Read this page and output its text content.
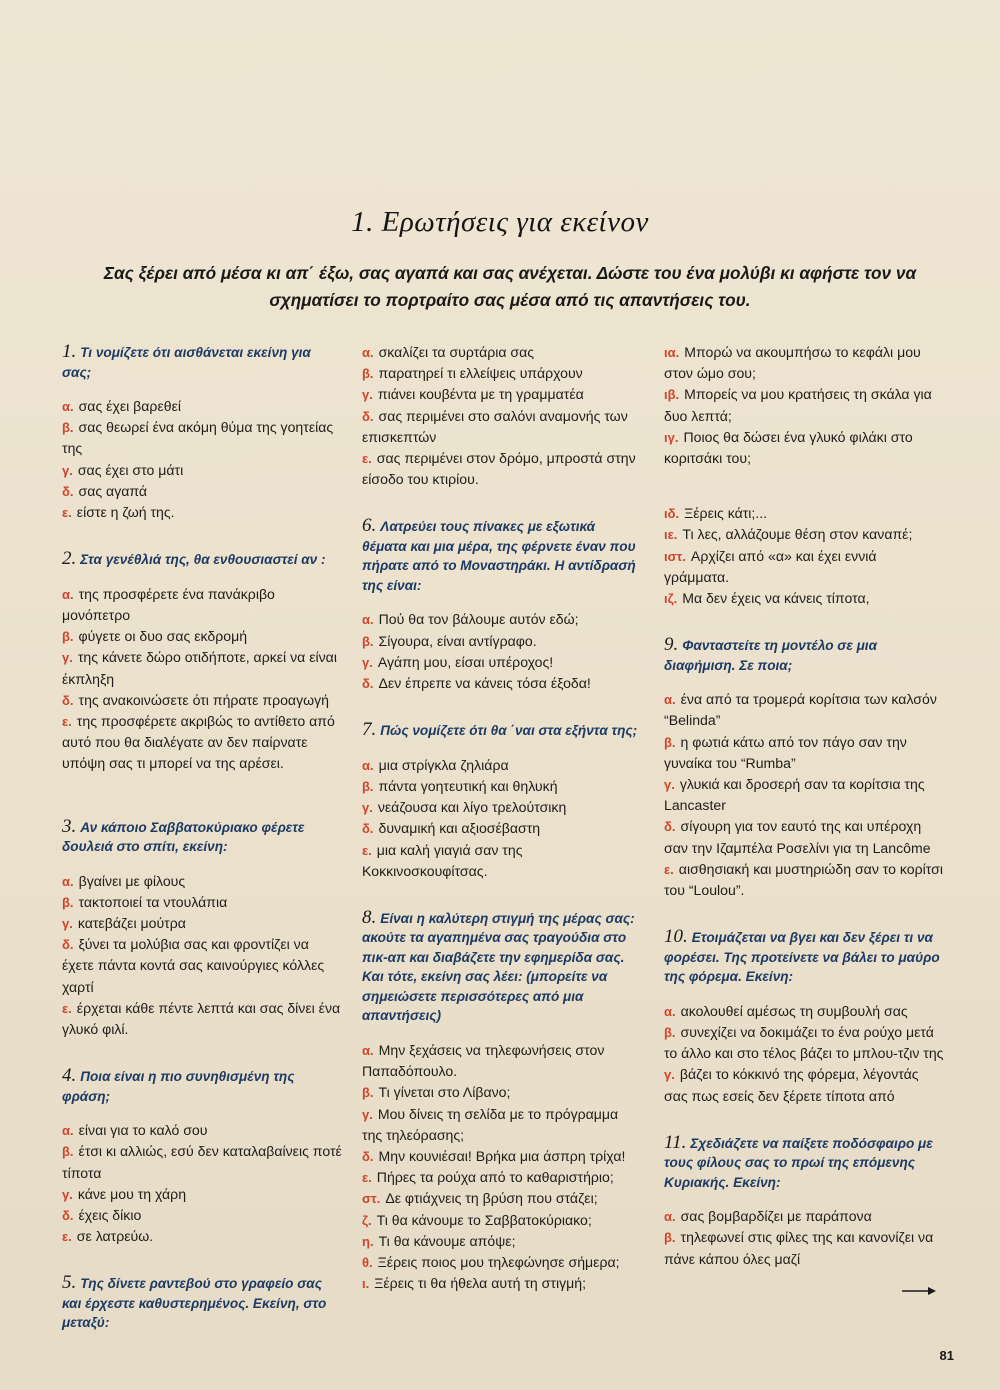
1. Ερωτήσεις για εκείνον
Σας ξέρει από μέσα κι απ΄ έξω, σας αγαπά και σας ανέχεται. Δώστε του ένα μολύβι κι αφήστε τον να σχηματίσει το πορτραίτο σας μέσα από τις απαντήσεις του.

1. Τι νομίζετε ότι αισθάνεται εκείνη για σας;

α. σας έχει βαρεθεί

β. σας θεωρεί ένα ακόμη θύμα της γοητείας της

γ. σας έχει στο μάτι

δ. σας αγαπά

ε. είστε η ζωή της.

2. Στα γενέθλιά της, θα ενθουσιαστεί αν :

α. της προσφέρετε ένα πανάκριβο μονόπετρο

β. φύγετε οι δυο σας εκδρομή

γ. της κάνετε δώρο οτιδήποτε, αρκεί να είναι έκπληξη

δ. της ανακοινώσετε ότι πήρατε προαγωγή

ε. της προσφέρετε ακριβώς το αντίθετο από αυτό που θα διαλέγατε αν δεν παίρνατε υπόψη σας τι μπορεί να της αρέσει.

3. Αν κάποιο Σαββατοκύριακο φέρετε δουλειά στο σπίτι, εκείνη:

α. βγαίνει με φίλους

β. τακτοποιεί τα ντουλάπια

γ. κατεβάζει μούτρα

δ. ξύνει τα μολύβια σας και φροντίζει να έχετε πάντα κοντά σας καινούργιες κόλλες χαρτί

ε. έρχεται κάθε πέντε λεπτά και σας δίνει ένα γλυκό φιλί.

4. Ποια είναι η πιο συνηθισμένη της φράση;

α. είναι για το καλό σου

β. έτσι κι αλλιώς, εσύ δεν καταλαβαίνεις ποτέ τίποτα

γ. κάνε μου τη χάρη

δ. έχεις δίκιο

ε. σε λατρεύω.

5. Της δίνετε ραντεβού στο γραφείο σας και έρχεστε καθυστερημένος. Εκείνη, στο μεταξύ:

α. σκαλίζει τα συρτάρια σας

β. παρατηρεί τι ελλείψεις υπάρχουν

γ. πιάνει κουβέντα με τη γραμματέα

δ. σας περιμένει στο σαλόνι αναμονής των επισκεπτών

ε. σας περιμένει στον δρόμο, μπροστά στην είσοδο του κτιρίου.

6. Λατρεύει τους πίνακες με εξωτικά θέματα και μια μέρα, της φέρνετε έναν που πήρατε από το Μοναστηράκι. Η αντίδρασή της είναι:

α. Πού θα τον βάλουμε αυτόν εδώ;

β. Σίγουρα, είναι αντίγραφο.

γ. Αγάπη μου, είσαι υπέροχος!

δ. Δεν έπρεπε να κάνεις τόσα έξοδα!

7. Πώς νομίζετε ότι θα ΄ναι στα εξήντα της;

α. μια στρίγκλα ζηλιάρα

β. πάντα γοητευτική και θηλυκή

γ. νεάζουσα και λίγο τρελούτσικη

δ. δυναμική και αξιοσέβαστη

ε. μια καλή γιαγιά σαν της Κοκκινοσκουφίτσας.

8. Είναι η καλύτερη στιγμή της μέρας σας: ακούτε τα αγαπημένα σας τραγούδια στο πικ-απ και διαβάζετε την εφημερίδα σας. Και τότε, εκείνη σας λέει: (μπορείτε να σημειώσετε περισσότερες από μια απαντήσεις)

α. Μην ξεχάσεις να τηλεφωνήσεις στον Παπαδόπουλο.

β. Τι γίνεται στο Λίβανο;

γ. Μου δίνεις τη σελίδα με το πρόγραμμα της τηλεόρασης;

δ. Μην κουνιέσαι! Βρήκα μια άσπρη τρίχα!

ε. Πήρες τα ρούχα από το καθαριστήριο;

στ. Δε φτιάχνεις τη βρύση που στάζει;

ζ. Τι θα κάνουμε το Σαββατοκύριακο;

η. Τι θα κάνουμε απόψε;

θ. Ξέρεις ποιος μου τηλεφώνησε σήμερα;

ι. Ξέρεις τι θα ήθελα αυτή τη στιγμή;

ια. Μπορώ να ακουμπήσω το κεφάλι μου στον ώμο σου;

ιβ. Μπορείς να μου κρατήσεις τη σκάλα για δυο λεπτά;

ιγ. Ποιος θα δώσει ένα γλυκό φιλάκι στο κοριτσάκι του;

ιδ. Ξέρεις κάτι;...

ιε. Τι λες, αλλάζουμε θέση στον καναπέ;

ιστ. Αρχίζει από «α» και έχει εννιά γράμματα.

ιζ. Μα δεν έχεις να κάνεις τίποτα,

9. Φανταστείτε τη μοντέλο σε μια διαφήμιση. Σε ποια;

α. ένα από τα τρομερά κορίτσια των καλσόν “Belinda”

β. η φωτιά κάτω από τον πάγο σαν την γυναίκα του “Rumba”

γ. γλυκιά και δροσερή σαν τα κορίτσια της Lancaster

δ. σίγουρη για τον εαυτό της και υπέροχη σαν την Ιζαμπέλα Ροσελίνι για τη Lancôme

ε. αισθησιακή και μυστηριώδη σαν το κορίτσι του “Loulou”.

10. Ετοιμάζεται να βγει και δεν ξέρει τι να φορέσει. Της προτείνετε να βάλει το μαύρο της φόρεμα. Εκείνη:

α. ακολουθεί αμέσως τη συμβουλή σας

β. συνεχίζει να δοκιμάζει το ένα ρούχο μετά το άλλο και στο τέλος βάζει το μπλου-τζιν της

γ. βάζει το κόκκινό της φόρεμα, λέγοντάς σας πως εσείς δεν ξέρετε τίποτα από

11. Σχεδιάζετε να παίξετε ποδόσφαιρο με τους φίλους σας το πρωί της επόμενης Κυριακής. Εκείνη:

α. σας βομβαρδίζει με παράπονα

β. τηλεφωνεί στις φίλες της και κανονίζει να πάνε κάπου όλες μαζί

81
